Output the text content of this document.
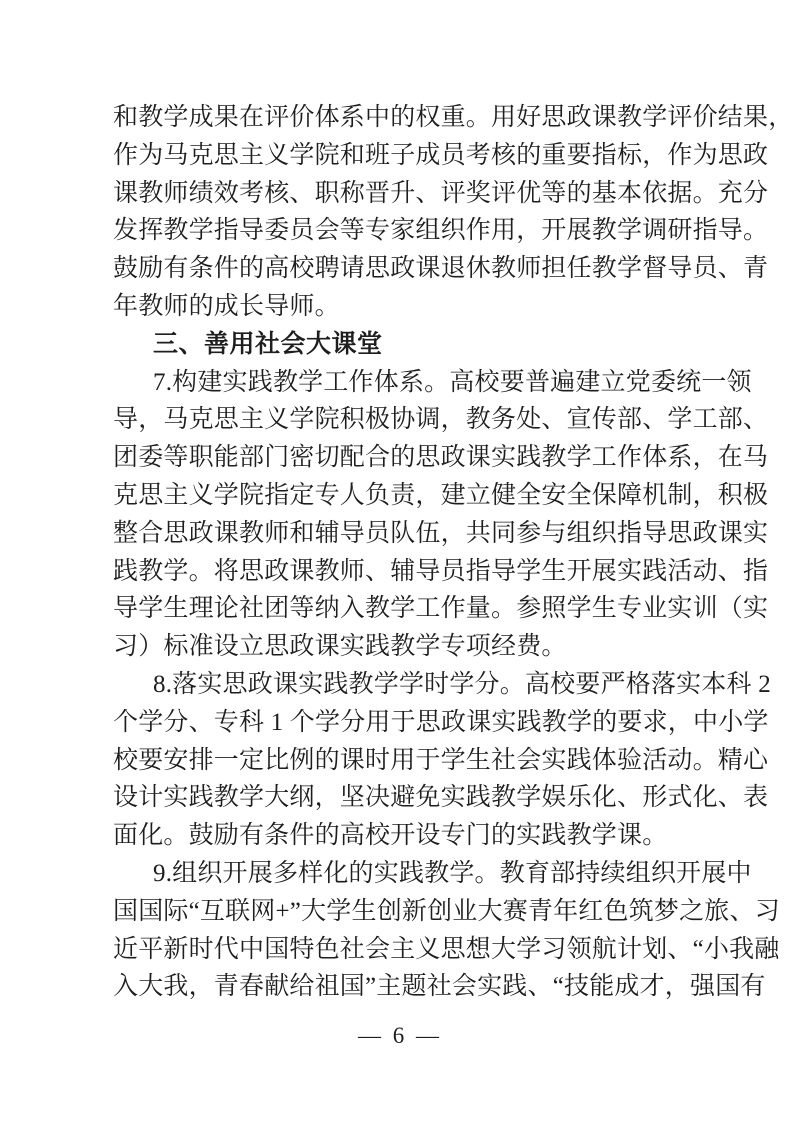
和教学成果在评价体系中的权重。用好思政课教学评价结果，
作为马克思主义学院和班子成员考核的重要指标，作为思政
课教师绩效考核、职称晋升、评奖评优等的基本依据。充分
发挥教学指导委员会等专家组织作用，开展教学调研指导。
鼓励有条件的高校聘请思政课退休教师担任教学督导员、青
年教师的成长导师。
三、善用社会大课堂
7.构建实践教学工作体系。高校要普遍建立党委统一领
导，马克思主义学院积极协调，教务处、宣传部、学工部、
团委等职能部门密切配合的思政课实践教学工作体系，在马
克思主义学院指定专人负责，建立健全安全保障机制，积极
整合思政课教师和辅导员队伍，共同参与组织指导思政课实
践教学。将思政课教师、辅导员指导学生开展实践活动、指
导学生理论社团等纳入教学工作量。参照学生专业实训（实
习）标准设立思政课实践教学专项经费。
8.落实思政课实践教学学时学分。高校要严格落实本科 2
个学分、专科 1 个学分用于思政课实践教学的要求，中小学
校要安排一定比例的课时用于学生社会实践体验活动。精心
设计实践教学大纲，坚决避免实践教学娱乐化、形式化、表
面化。鼓励有条件的高校开设专门的实践教学课。
9.组织开展多样化的实践教学。教育部持续组织开展中
国国际“互联网+”大学生创新创业大赛青年红色筑梦之旅、习
近平新时代中国特色社会主义思想大学习领航计划、“小我融
入大我，青春献给祖国”主题社会实践、“技能成才，强国有
— 6 —
